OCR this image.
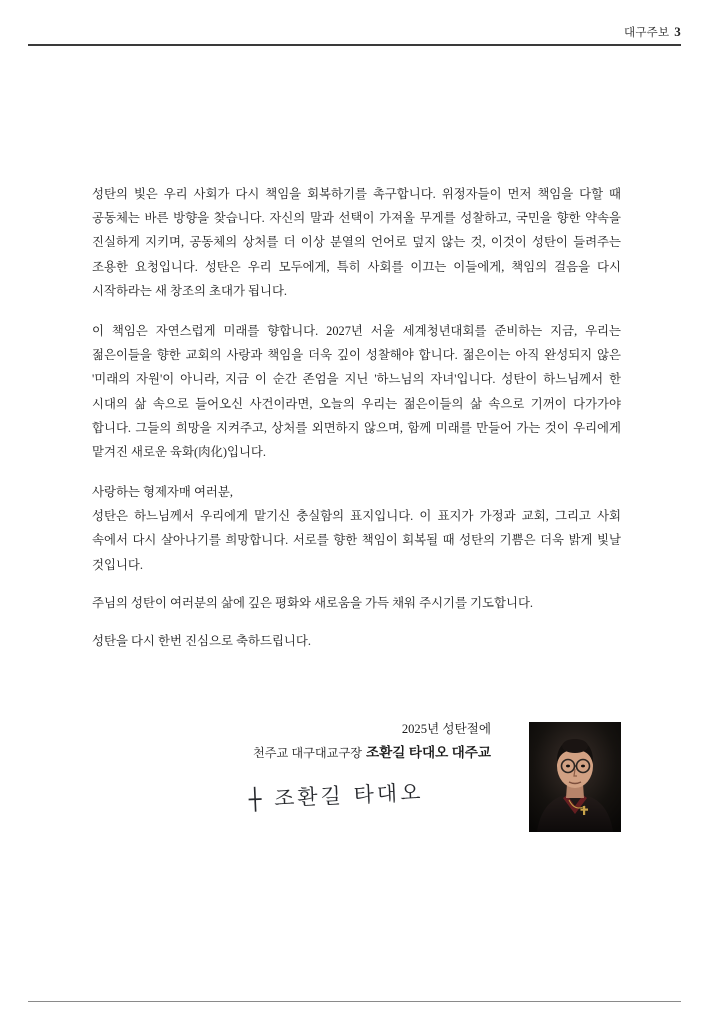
대구주보 3

성탄의 빛은 우리 사회가 다시 책임을 회복하기를 촉구합니다. 위정자들이 먼저 책임을 다할 때 공동체는 바른 방향을 찾습니다. 자신의 말과 선택이 가져올 무게를 성찰하고, 국민을 향한 약속을 진실하게 지키며, 공동체의 상처를 더 이상 분열의 언어로 덮지 않는 것, 이것이 성탄이 들려주는 조용한 요청입니다. 성탄은 우리 모두에게, 특히 사회를 이끄는 이들에게, 책임의 걸음을 다시 시작하라는 새 창조의 초대가 됩니다.

이 책임은 자연스럽게 미래를 향합니다. 2027년 서울 세계청년대회를 준비하는 지금, 우리는 젊은이들을 향한 교회의 사랑과 책임을 더욱 깊이 성찰해야 합니다. 젊은이는 아직 완성되지 않은 '미래의 자원'이 아니라, 지금 이 순간 존엄을 지닌 '하느님의 자녀'입니다. 성탄이 하느님께서 한 시대의 삶 속으로 들어오신 사건이라면, 오늘의 우리는 젊은이들의 삶 속으로 기꺼이 다가가야 합니다. 그들의 희망을 지켜주고, 상처를 외면하지 않으며, 함께 미래를 만들어 가는 것이 우리에게 맡겨진 새로운 육화(肉化)입니다.

사랑하는 형제자매 여러분,

성탄은 하느님께서 우리에게 맡기신 충실함의 표지입니다. 이 표지가 가정과 교회, 그리고 사회 속에서 다시 살아나기를 희망합니다. 서로를 향한 책임이 회복될 때 성탄의 기쁨은 더욱 밝게 빛날 것입니다.

주님의 성탄이 여러분의 삶에 깊은 평화와 새로움을 가득 채워 주시기를 기도합니다.

성탄을 다시 한번 진심으로 축하드립니다.

2025년 성탄절에

천주교 대구대교구장 조환길 타대오 대주교

┼ 조환길 타대오
